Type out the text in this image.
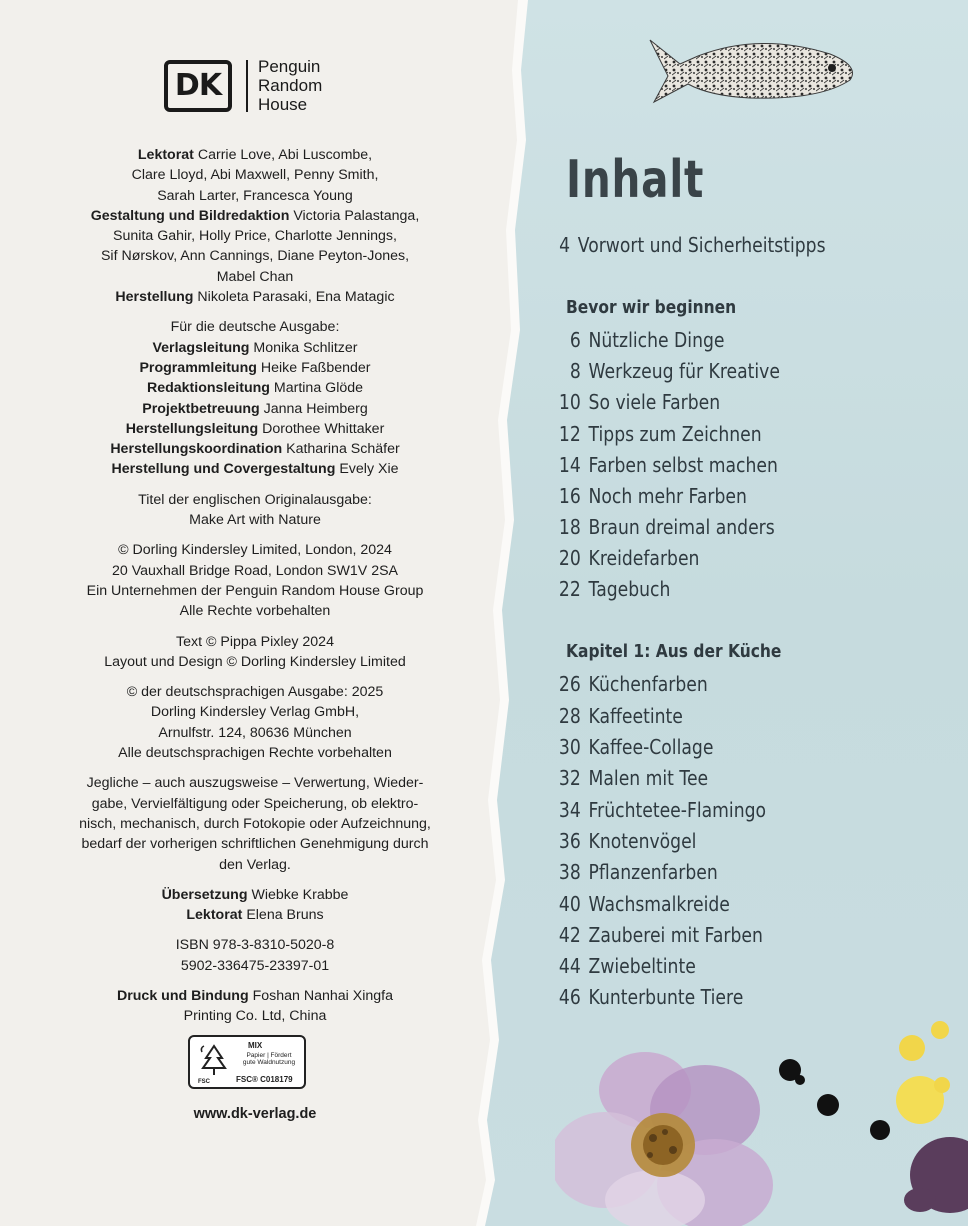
DK
Penguin
Random
House

Lektorat Carrie Love, Abi Luscombe,
Clare Lloyd, Abi Maxwell, Penny Smith,
Sarah Larter, Francesca Young
Gestaltung und Bildredaktion Victoria Palastanga,
Sunita Gahir, Holly Price, Charlotte Jennings,
Sif Nørskov, Ann Cannings, Diane Peyton-Jones,
Mabel Chan
Herstellung Nikoleta Parasaki, Ena Matagic

Für die deutsche Ausgabe:
Verlagsleitung Monika Schlitzer
Programmleitung Heike Faßbender
Redaktionsleitung Martina Glöde
Projektbetreuung Janna Heimberg
Herstellungsleitung Dorothee Whittaker
Herstellungskoordination Katharina Schäfer
Herstellung und Covergestaltung Evely Xie

Titel der englischen Originalausgabe:
Make Art with Nature

© Dorling Kindersley Limited, London, 2024
20 Vauxhall Bridge Road, London SW1V 2SA
Ein Unternehmen der Penguin Random House Group
Alle Rechte vorbehalten

Text © Pippa Pixley 2024
Layout und Design © Dorling Kindersley Limited

© der deutschsprachigen Ausgabe: 2025
Dorling Kindersley Verlag GmbH,
Arnulfstr. 124, 80636 München
Alle deutschsprachigen Rechte vorbehalten

Jegliche – auch auszugsweise – Verwertung, Wieder-
gabe, Vervielfältigung oder Speicherung, ob elektro-
nisch, mechanisch, durch Fotokopie oder Aufzeichnung,
bedarf der vorherigen schriftlichen Genehmigung durch
den Verlag.

Übersetzung Wiebke Krabbe
Lektorat Elena Bruns

ISBN 978-3-8310-5020-8
5902-336475-23397-01

Druck und Bindung Foshan Nanhai Xingfa
Printing Co. Ltd, China

FSC
MIX
Papier | Fördert
gute Waldnutzung
FSC® C018179
www.dk-verlag.de
Inhalt
4 Vorwort und Sicherheitstipps
Bevor wir beginnen
6 Nützliche Dinge
8 Werkzeug für Kreative
10 So viele Farben
12 Tipps zum Zeichnen
14 Farben selbst machen
16 Noch mehr Farben
18 Braun dreimal anders
20 Kreidefarben
22 Tagebuch
Kapitel 1: Aus der Küche
26 Küchenfarben
28 Kaffeetinte
30 Kaffee-Collage
32 Malen mit Tee
34 Früchtetee-Flamingo
36 Knotenvögel
38 Pflanzenfarben
40 Wachsmalkreide
42 Zauberei mit Farben
44 Zwiebeltinte
46 Kunterbunte Tiere
